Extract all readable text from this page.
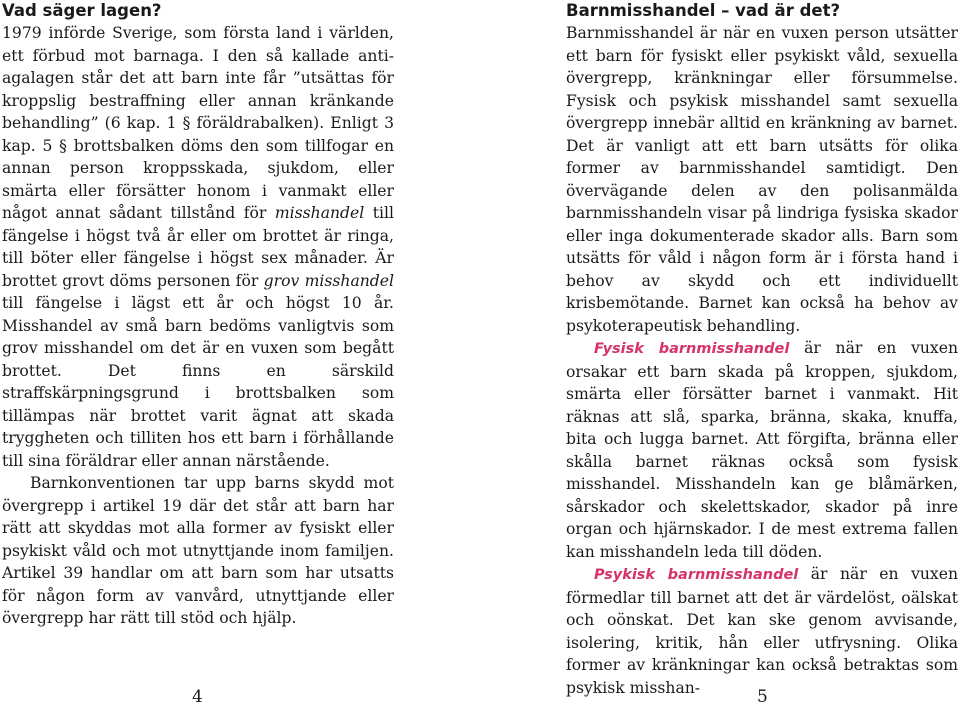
Vad säger lagen?

1979 införde Sverige, som första land i världen, ett förbud mot barnaga. I den så kallade anti-agalagen står det att barn inte får ”utsättas för kroppslig bestraffning eller annan kränkande behandling” (6 kap. 1 § föräldrabalken). Enligt 3 kap. 5 § brottsbalken döms den som tillfogar en annan person kroppsskada, sjukdom, eller smärta eller försätter honom i vanmakt eller något annat sådant tillstånd för misshandel till fängelse i högst två år eller om brottet är ringa, till böter eller fängelse i högst sex månader. Är brottet grovt döms personen för grov misshandel till fängelse i lägst ett år och högst 10 år. Misshandel av små barn bedöms vanligtvis som grov misshandel om det är en vuxen som begått brottet. Det finns en särskild straffskärpningsgrund i brottsbalken som tillämpas när brottet varit ägnat att skada tryggheten och tilliten hos ett barn i förhållande till sina föräldrar eller annan närstående.

Barnkonventionen tar upp barns skydd mot övergrepp i artikel 19 där det står att barn har rätt att skyddas mot alla former av fysiskt eller psykiskt våld och mot utnyttjande inom familjen. Artikel 39 handlar om att barn som har utsatts för någon form av vanvård, utnyttjande eller övergrepp har rätt till stöd och hjälp.

Barnmisshandel – vad är det?

Barnmisshandel är när en vuxen person utsätter ett barn för fysiskt eller psykiskt våld, sexuella övergrepp, kränkningar eller försummelse. Fysisk och psykisk misshandel samt sexuella övergrepp innebär alltid en kränkning av barnet. Det är vanligt att ett barn utsätts för olika former av barnmisshandel samtidigt. Den övervägande delen av den polisanmälda barnmisshandeln visar på lindriga fysiska skador eller inga dokumenterade skador alls. Barn som utsätts för våld i någon form är i första hand i behov av skydd och ett individuellt krisbemötande. Barnet kan också ha behov av psykoterapeutisk behandling.

Fysisk barnmisshandel är när en vuxen orsakar ett barn skada på kroppen, sjukdom, smärta eller försätter barnet i vanmakt. Hit räknas att slå, sparka, bränna, skaka, knuffa, bita och lugga barnet. Att förgifta, bränna eller skålla barnet räknas också som fysisk misshandel. Misshandeln kan ge blåmärken, sårskador och skelettskador, skador på inre organ och hjärnskador. I de mest extrema fallen kan misshandeln leda till döden.

Psykisk barnmisshandel är när en vuxen förmedlar till barnet att det är värdelöst, oälskat och oönskat. Det kan ske genom avvisande, isolering, kritik, hån eller utfrysning. Olika former av kränkningar kan också betraktas som psykisk misshan-

4	5
